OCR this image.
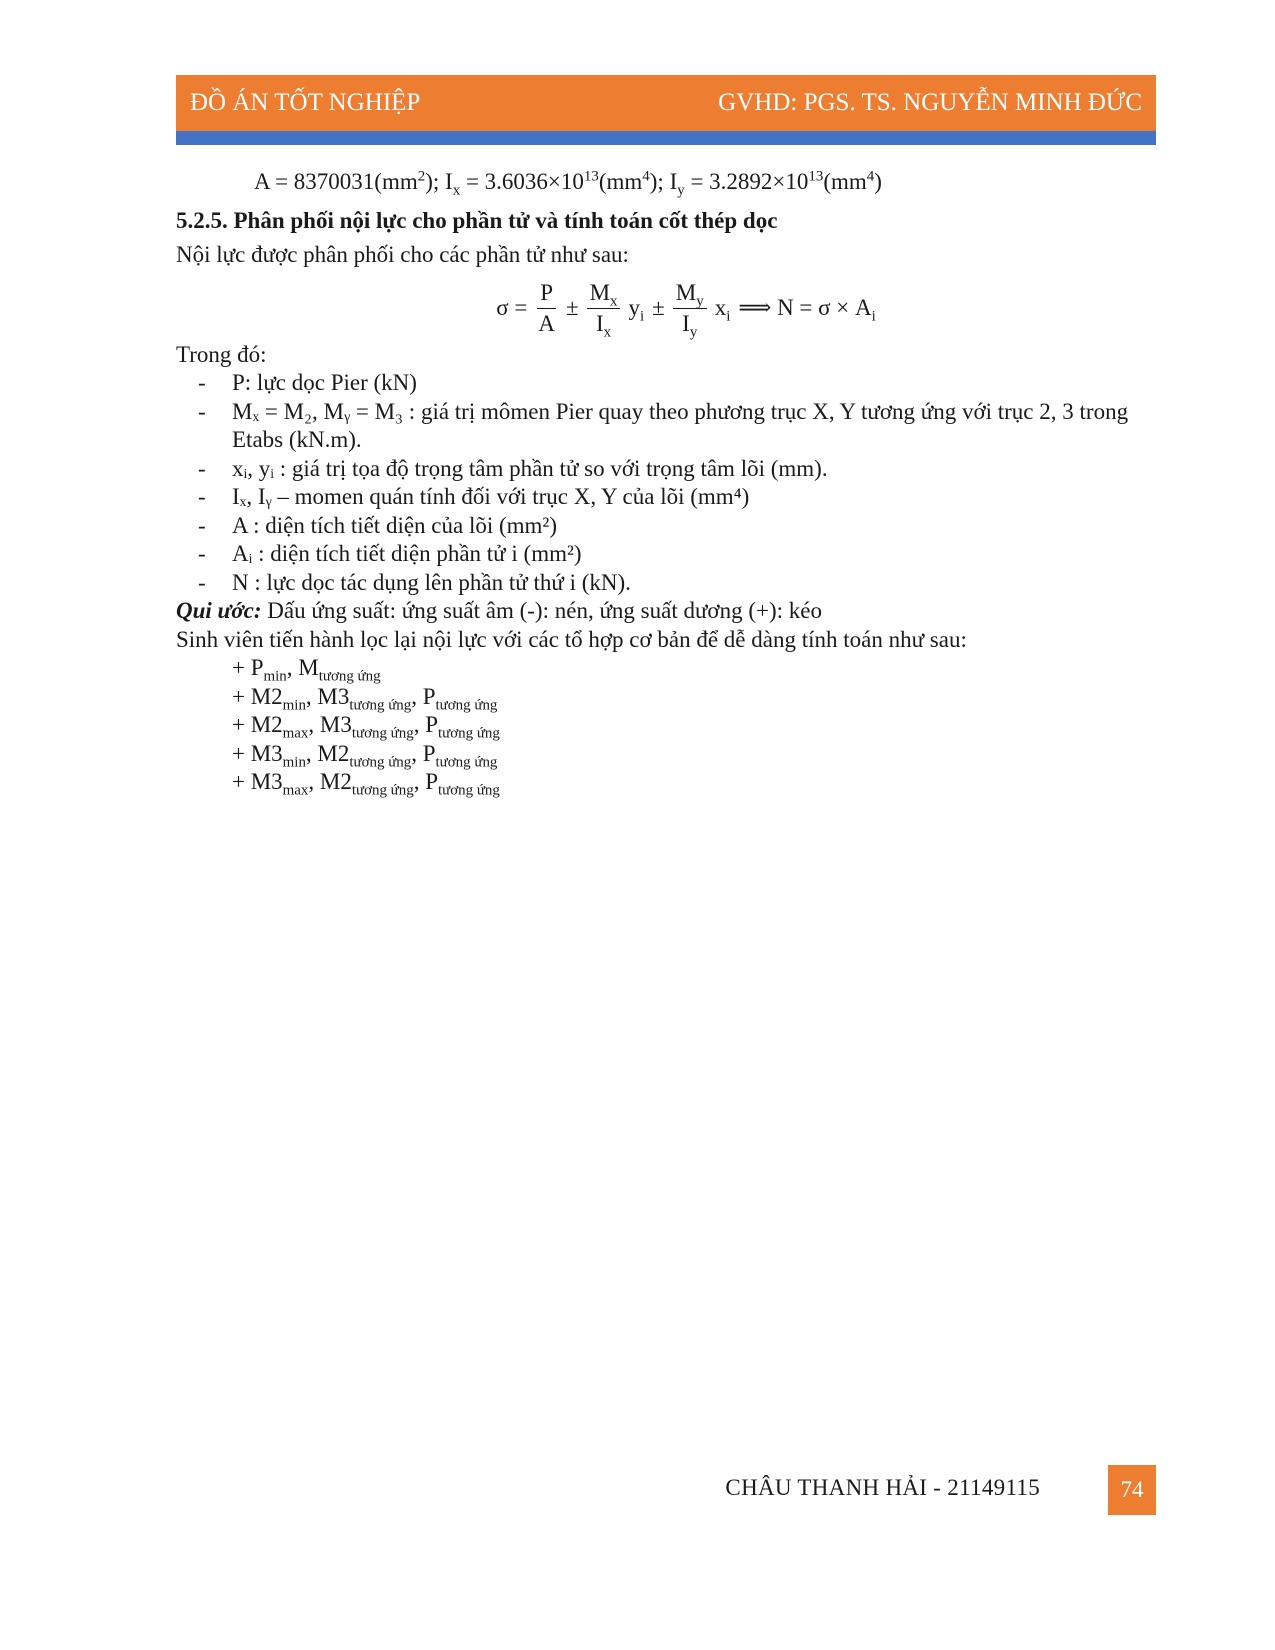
ĐỒ ÁN TỐT NGHIỆP	GVHD: PGS. TS. NGUYỄN MINH ĐỨC
$A = 8370031(mm^2)$; $I_x = 3.6036\times 10^{13}(mm^4)$; $I_y = 3.2892\times 10^{13}(mm^4)$
5.2.5. Phân phối nội lực cho phần tử và tính toán cốt thép dọc
Nội lực được phân phối cho các phần tử như sau:
$\sigma = \frac{P}{A} \pm \frac{M_x}{I_x} y_i \pm \frac{M_y}{I_y} x_i$ ⟹ $N = \sigma \times A_i$
Trong đó:
-	P: lực dọc Pier (kN)
-	Mₓ = M₂, Mᵧ = M₃ : giá trị mômen Pier quay theo phương trục X, Y tương ứng với trục 2, 3 trong Etabs (kN.m).
-	xᵢ, yᵢ : giá trị tọa độ trọng tâm phần tử so với trọng tâm lõi (mm).
-	Iₓ, Iᵧ – momen quán tính đối với trục X, Y của lõi (mm⁴)
-	A : diện tích tiết diện của lõi (mm²)
-	Aᵢ : diện tích tiết diện phần tử i (mm²)
-	N : lực dọc tác dụng lên phần tử thứ i (kN).
Qui ước: Dấu ứng suất: ứng suất âm (-): nén, ứng suất dương (+): kéo
Sinh viên tiến hành lọc lại nội lực với các tổ hợp cơ bản để dễ dàng tính toán như sau:
+ $P_{min}$, $M_{tương ứng}$
+ $M2_{min}$, $M3_{tương ứng}$, $P_{tương ứng}$
+ $M2_{max}$, $M3_{tương ứng}$, $P_{tương ứng}$
+ $M3_{min}$, $M2_{tương ứng}$, $P_{tương ứng}$
+ $M3_{max}$, $M2_{tương ứng}$, $P_{tương ứng}$
CHÂU THANH HẢI - 21149115	74
